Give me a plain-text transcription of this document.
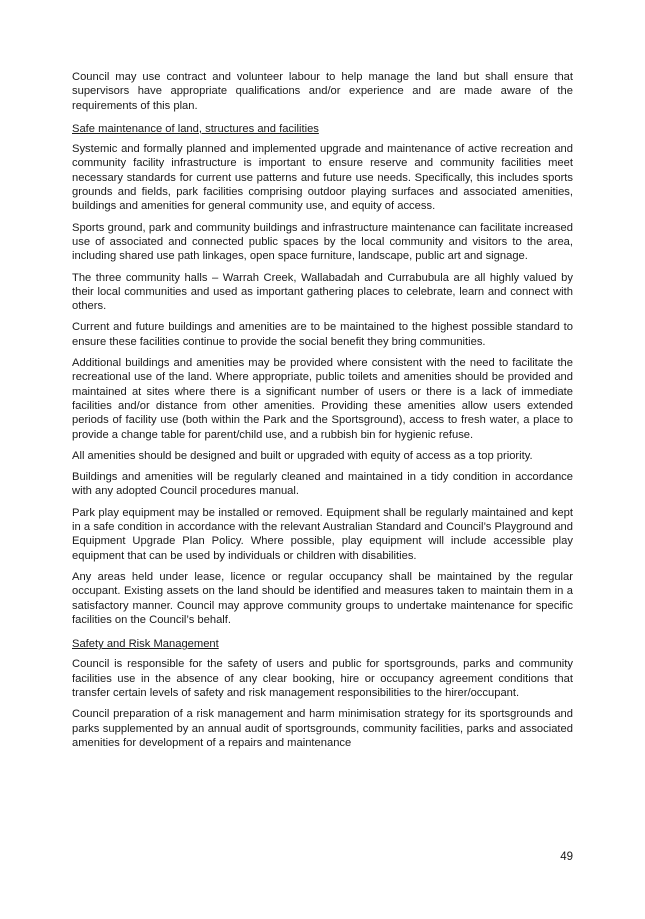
Council may use contract and volunteer labour to help manage the land but shall ensure that supervisors have appropriate qualifications and/or experience and are made aware of the requirements of this plan.

Safe maintenance of land, structures and facilities

Systemic and formally planned and implemented upgrade and maintenance of active recreation and community facility infrastructure is important to ensure reserve and community facilities meet necessary standards for current use patterns and future use needs. Specifically, this includes sports grounds and fields, park facilities comprising outdoor playing surfaces and associated amenities, buildings and amenities for general community use, and equity of access.

Sports ground, park and community buildings and infrastructure maintenance can facilitate increased use of associated and connected public spaces by the local community and visitors to the area, including shared use path linkages, open space furniture, landscape, public art and signage.

The three community halls – Warrah Creek, Wallabadah and Currabubula are all highly valued by their local communities and used as important gathering places to celebrate, learn and connect with others.

Current and future buildings and amenities are to be maintained to the highest possible standard to ensure these facilities continue to provide the social benefit they bring communities.

Additional buildings and amenities may be provided where consistent with the need to facilitate the recreational use of the land. Where appropriate, public toilets and amenities should be provided and maintained at sites where there is a significant number of users or there is a lack of immediate facilities and/or distance from other amenities. Providing these amenities allow users extended periods of facility use (both within the Park and the Sportsground), access to fresh water, a place to provide a change table for parent/child use, and a rubbish bin for hygienic refuse.

All amenities should be designed and built or upgraded with equity of access as a top priority.

Buildings and amenities will be regularly cleaned and maintained in a tidy condition in accordance with any adopted Council procedures manual.

Park play equipment may be installed or removed. Equipment shall be regularly maintained and kept in a safe condition in accordance with the relevant Australian Standard and Council’s Playground and Equipment Upgrade Plan Policy. Where possible, play equipment will include accessible play equipment that can be used by individuals or children with disabilities.

Any areas held under lease, licence or regular occupancy shall be maintained by the regular occupant. Existing assets on the land should be identified and measures taken to maintain them in a satisfactory manner. Council may approve community groups to undertake maintenance for specific facilities on the Council’s behalf.

Safety and Risk Management

Council is responsible for the safety of users and public for sportsgrounds, parks and community facilities use in the absence of any clear booking, hire or occupancy agreement conditions that transfer certain levels of safety and risk management responsibilities to the hirer/occupant.

Council preparation of a risk management and harm minimisation strategy for its sportsgrounds and parks supplemented by an annual audit of sportsgrounds, community facilities, parks and associated amenities for development of a repairs and maintenance

49
